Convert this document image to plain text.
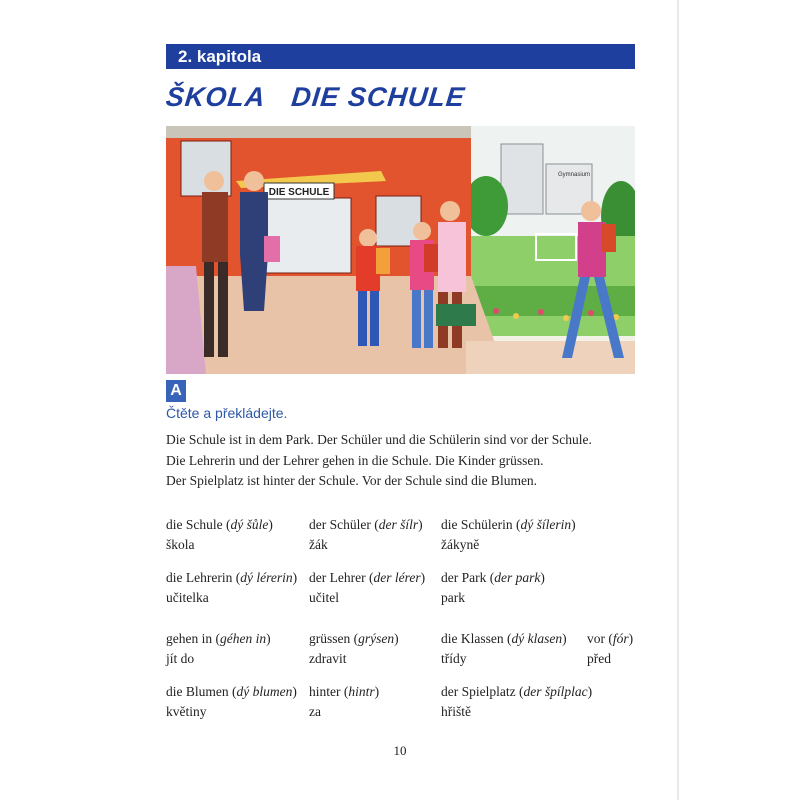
2. kapitola
ŠKOLA DIE SCHULE
Gymnasium
DIE SCHULE
A
Čtěte a překládejte.
Die Schule ist in dem Park. Der Schüler und die Schülerin sind vor der Schule.
Die Lehrerin und der Lehrer gehen in die Schule. Die Kinder grüssen.
Der Spielplatz ist hinter der Schule. Vor der Schule sind die Blumen.
die Schule (dý šůle)
škola
der Schüler (der šílr)
žák
die Schülerin (dý šílerin)
žákyně
die Lehrerin (dý lérerin)
učitelka
der Lehrer (der lérer)
učitel
der Park (der park)
park
gehen in (géhen in)
jít do
grüssen (grýsen)
zdravit
die Klassen (dý klasen)
třídy
vor (fór)
před
die Blumen (dý blumen)
květiny
hinter (hintr)
za
der Spielplatz (der špílplac)
hřiště
10
